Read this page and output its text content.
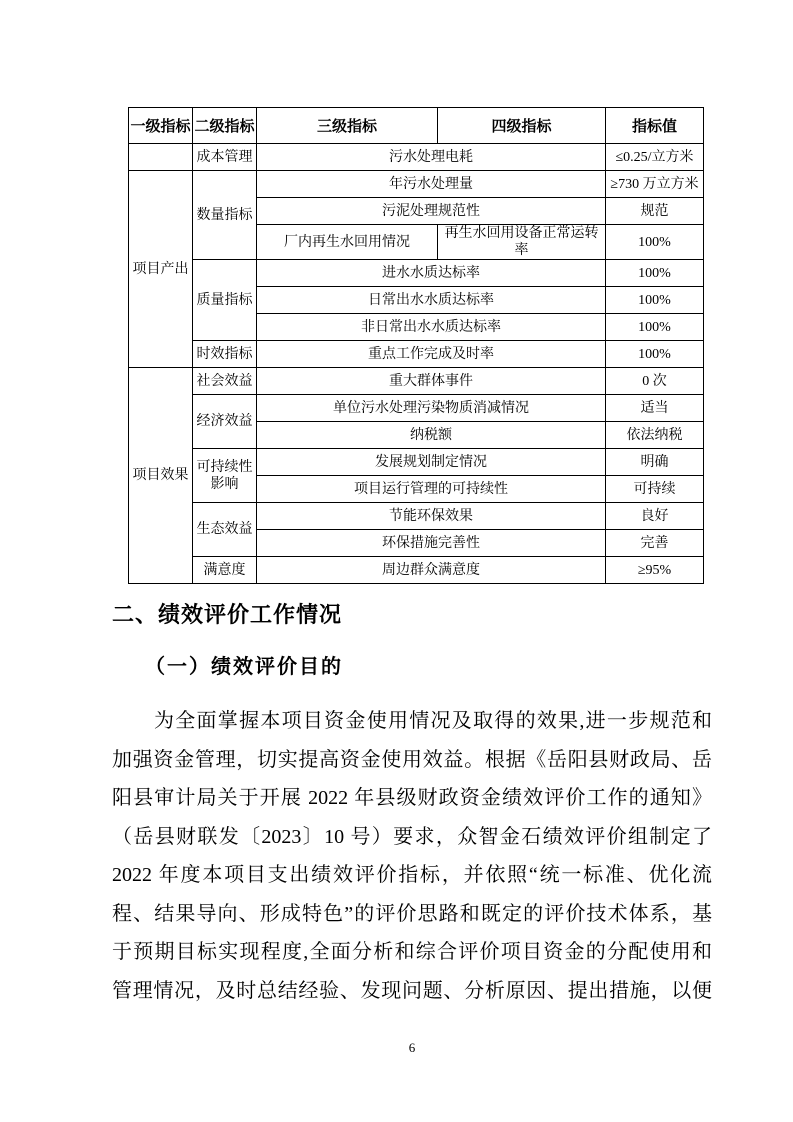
一级指标	二级指标	三级指标	四级指标	指标值
	成本管理	污水处理电耗		≤0.25/立方米
项目产出	数量指标	年污水处理量		≥730 万立方米
		污泥处理规范性		规范
		厂内再生水回用情况	再生水回用设备正常运转率	100%
	质量指标	进水水质达标率		100%
		日常出水水质达标率		100%
		非日常出水水质达标率		100%
	时效指标	重点工作完成及时率		100%
项目效果	社会效益	重大群体事件		0 次
	经济效益	单位污水处理污染物质消减情况		适当
		纳税额		依法纳税
	可持续性影响	发展规划制定情况		明确
		项目运行管理的可持续性		可持续
	生态效益	节能环保效果		良好
		环保措施完善性		完善
	满意度	周边群众满意度		≥95%
二、绩效评价工作情况
（一）绩效评价目的
为全面掌握本项目资金使用情况及取得的效果,进一步规范和
加强资金管理，切实提高资金使用效益。根据《岳阳县财政局、岳
阳县审计局关于开展 2022 年县级财政资金绩效评价工作的通知》
（岳县财联发〔2023〕10 号）要求，众智金石绩效评价组制定了
2022 年度本项目支出绩效评价指标，并依照“统一标准、优化流
程、结果导向、形成特色”的评价思路和既定的评价技术体系，基
于预期目标实现程度,全面分析和综合评价项目资金的分配使用和
管理情况，及时总结经验、发现问题、分析原因、提出措施，以便
6
